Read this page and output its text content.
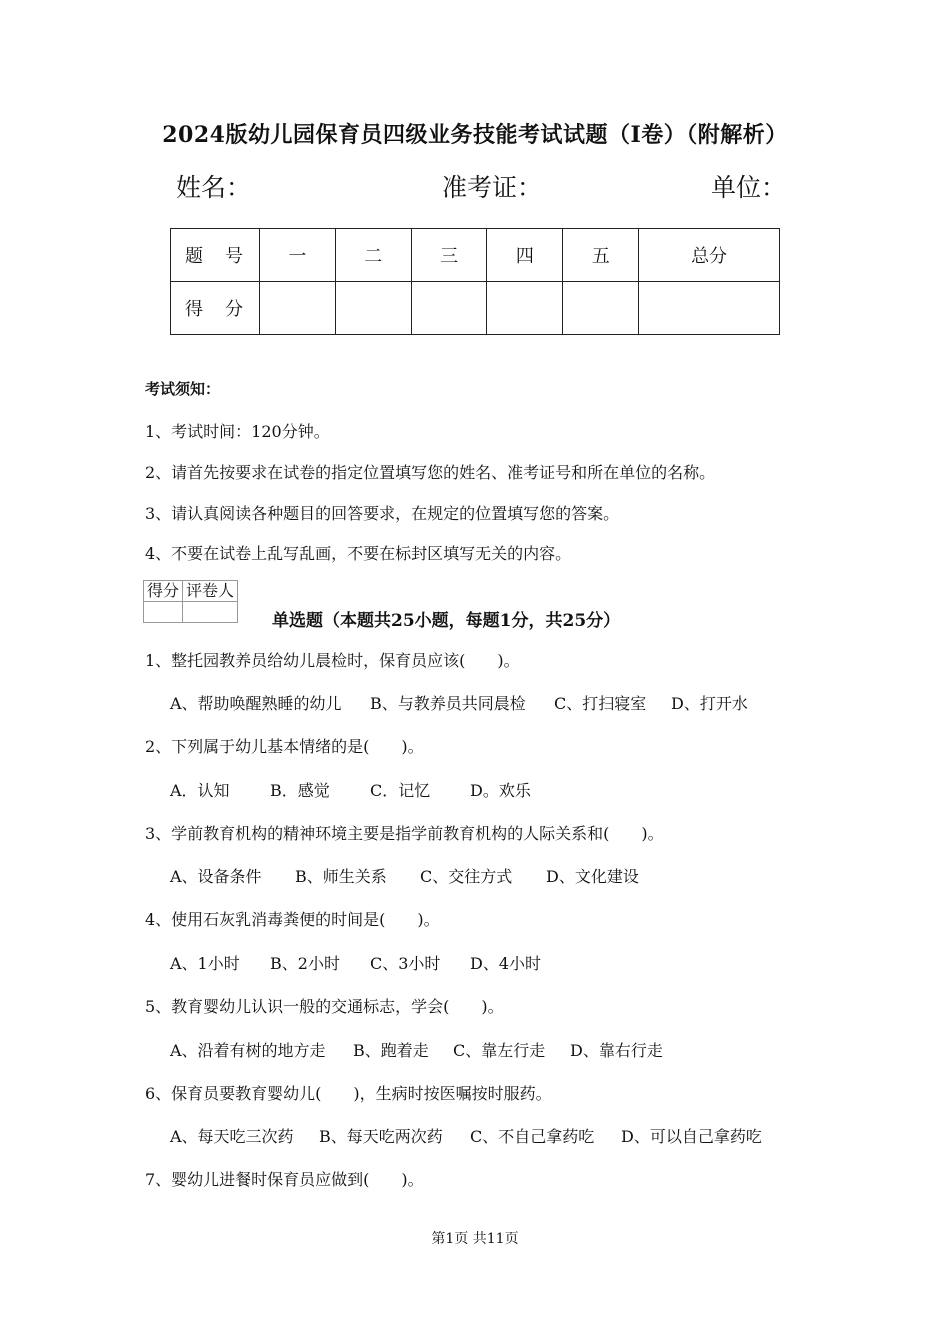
2024版幼儿园保育员四级业务技能考试试题（I卷）（附解析）
姓名：	准考证：	单位：
题　号	一	二	三	四	五	总分
得　分						
考试须知：
1、考试时间：120分钟。
2、请首先按要求在试卷的指定位置填写您的姓名、准考证号和所在单位的名称。
3、请认真阅读各种题目的回答要求，在规定的位置填写您的答案。
4、不要在试卷上乱写乱画，不要在标封区填写无关的内容。
得分	评卷人

单选题（本题共25小题，每题1分，共25分）
1、整托园教养员给幼儿晨检时，保育员应该(　　)。
A、帮助唤醒熟睡的幼儿 B、与教养员共同晨检 C、打扫寝室 D、打开水
2、下列属于幼儿基本情绪的是(　　)。
A．认知	B．感觉	C．记忆 D。欢乐
3、学前教育机构的精神环境主要是指学前教育机构的人际关系和(　　)。
A、设备条件 B、师生关系 C、交往方式 D、文化建设
4、使用石灰乳消毒粪便的时间是(　　)。
A、1小时 B、2小时 C、3小时 D、4小时
5、教育婴幼儿认识一般的交通标志，学会(　　)。
A、沿着有树的地方走 B、跑着走 C、靠左行走 D、靠右行走
6、保育员要教育婴幼儿(　　)，生病时按医嘱按时服药。
A、每天吃三次药 B、每天吃两次药 C、不自己拿药吃 D、可以自己拿药吃
7、婴幼儿进餐时保育员应做到(　　)。
第1页 共11页
